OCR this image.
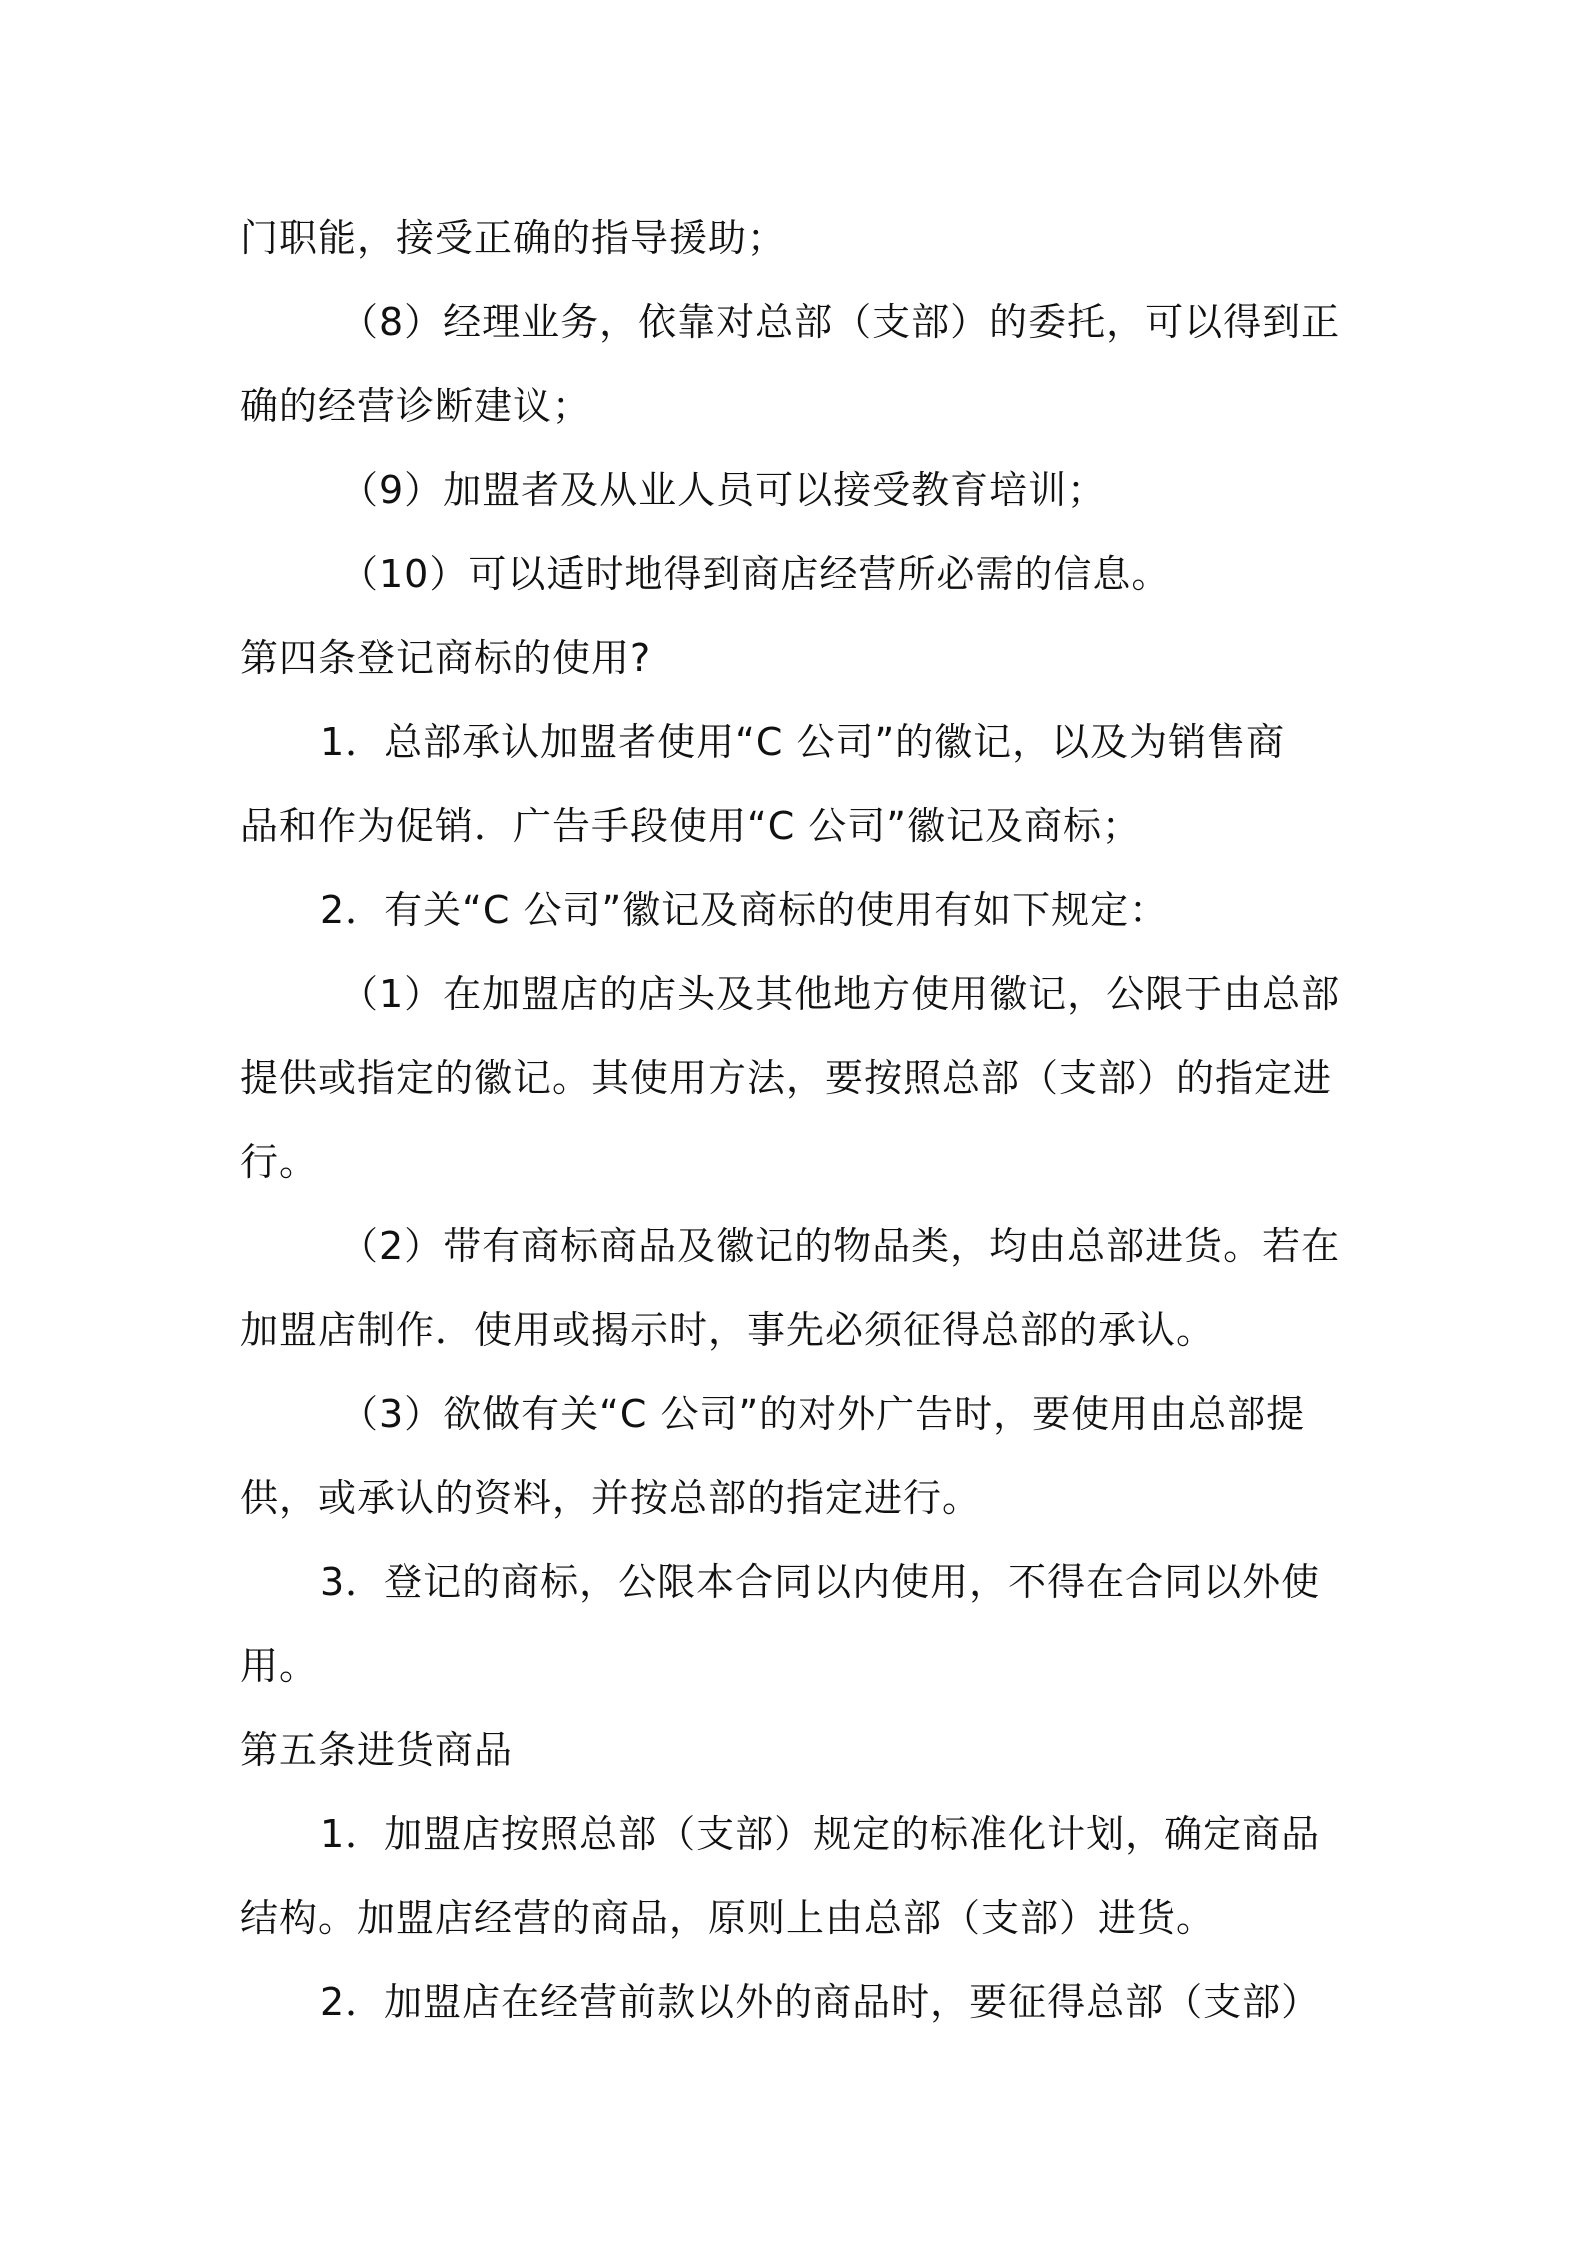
门职能，接受正确的指导援助；
（8）经理业务，依靠对总部（支部）的委托，可以得到正
确的经营诊断建议；
（9）加盟者及从业人员可以接受教育培训；
（10）可以适时地得到商店经营所必需的信息。
第四条登记商标的使用?
1．总部承认加盟者使用“C 公司”的徽记，以及为销售商
品和作为促销．广告手段使用“C 公司”徽记及商标；
2．有关“C 公司”徽记及商标的使用有如下规定：
（1）在加盟店的店头及其他地方使用徽记，公限于由总部
提供或指定的徽记。其使用方法，要按照总部（支部）的指定进
行。
（2）带有商标商品及徽记的物品类，均由总部进货。若在
加盟店制作．使用或揭示时，事先必须征得总部的承认。
（3）欲做有关“C 公司”的对外广告时，要使用由总部提
供，或承认的资料，并按总部的指定进行。
3．登记的商标，公限本合同以内使用，不得在合同以外使
用。
第五条进货商品
1．加盟店按照总部（支部）规定的标准化计划，确定商品
结构。加盟店经营的商品，原则上由总部（支部）进货。
2．加盟店在经营前款以外的商品时，要征得总部（支部）
